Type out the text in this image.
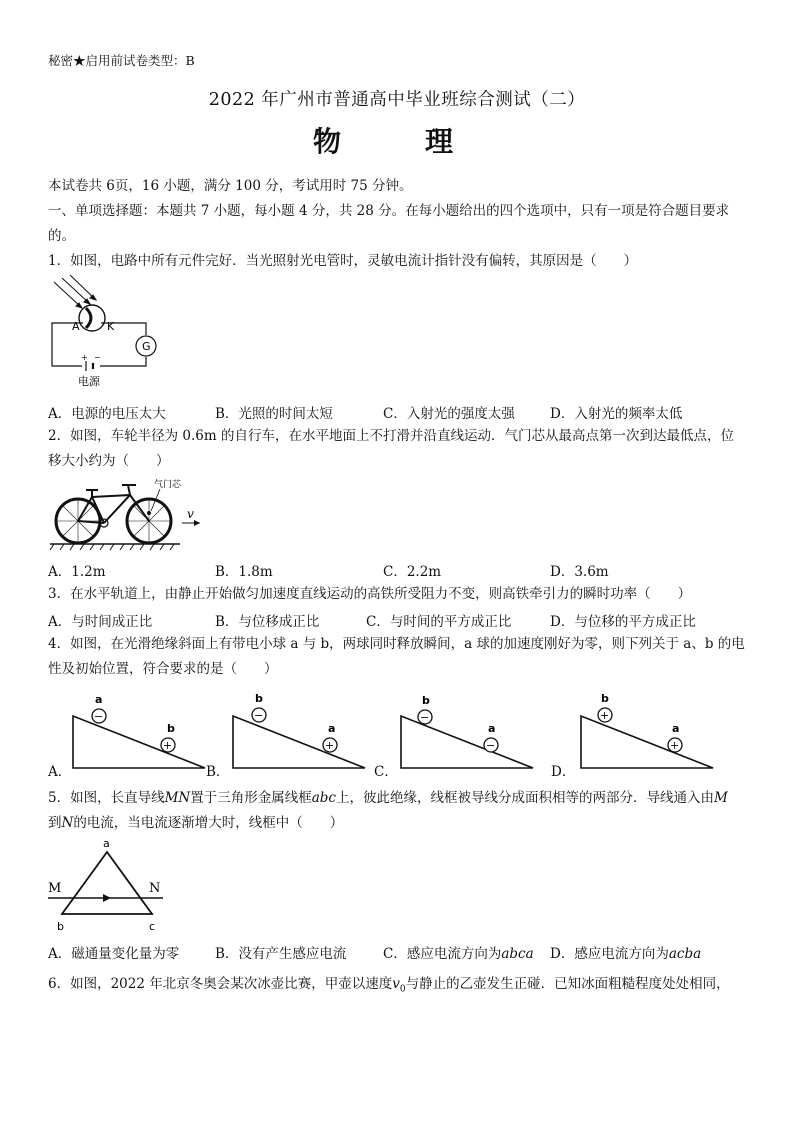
秘密★启用前试卷类型：B
2022 年广州市普通高中毕业班综合测试（二）
物　理
本试卷共 6页，16 小题，满分 100 分，考试用时 75 分钟。
一、单项选择题：本题共 7 小题，每小题 4 分，共 28 分。在每小题给出的四个选项中，只有一项是符合题目要求
的。
1．如图，电路中所有元件完好．当光照射光电管时，灵敏电流计指针没有偏转，其原因是（　　）
G
A K
+ −
电源
A．电源的电压太大	B．光照的时间太短	C．入射光的强度太强	D．入射光的频率太低
2．如图，车轮半径为 0.6m 的自行车，在水平地面上不打滑并沿直线运动．气门芯从最高点第一次到达最低点，位
移大小约为（　　）
气门芯
v
A．1.2m	B．1.8m	C．2.2m	D．3.6m
3．在水平轨道上，由静止开始做匀加速度直线运动的高铁所受阻力不变，则高铁牵引力的瞬时功率（　　）
A．与时间成正比	B．与位移成正比	C．与时间的平方成正比	D．与位移的平方成正比
4．如图，在光滑绝缘斜面上有带电小球 a 与 b，两球同时释放瞬间，a 球的加速度刚好为零，则下列关于 a、b 的电
性及初始位置，符合要求的是（　　）
A．
a
−
b
+
B．
b
−
a
+
C．
b
−
a
−
D．
b
+
a
+
5．如图，长直导线MN置于三角形金属线框abc上，彼此绝缘，线框被导线分成面积相等的两部分．导线通入由M
到N的电流，当电流逐渐增大时，线框中（　　）
a
M	N
b	c
A．磁通量变化量为零	B．没有产生感应电流	C．感应电流方向为abca D．感应电流方向为acba
6．如图，2022 年北京冬奥会某次冰壶比赛，甲壶以速度$v_0$与静止的乙壶发生正碰．已知冰面粗糙程度处处相同，
